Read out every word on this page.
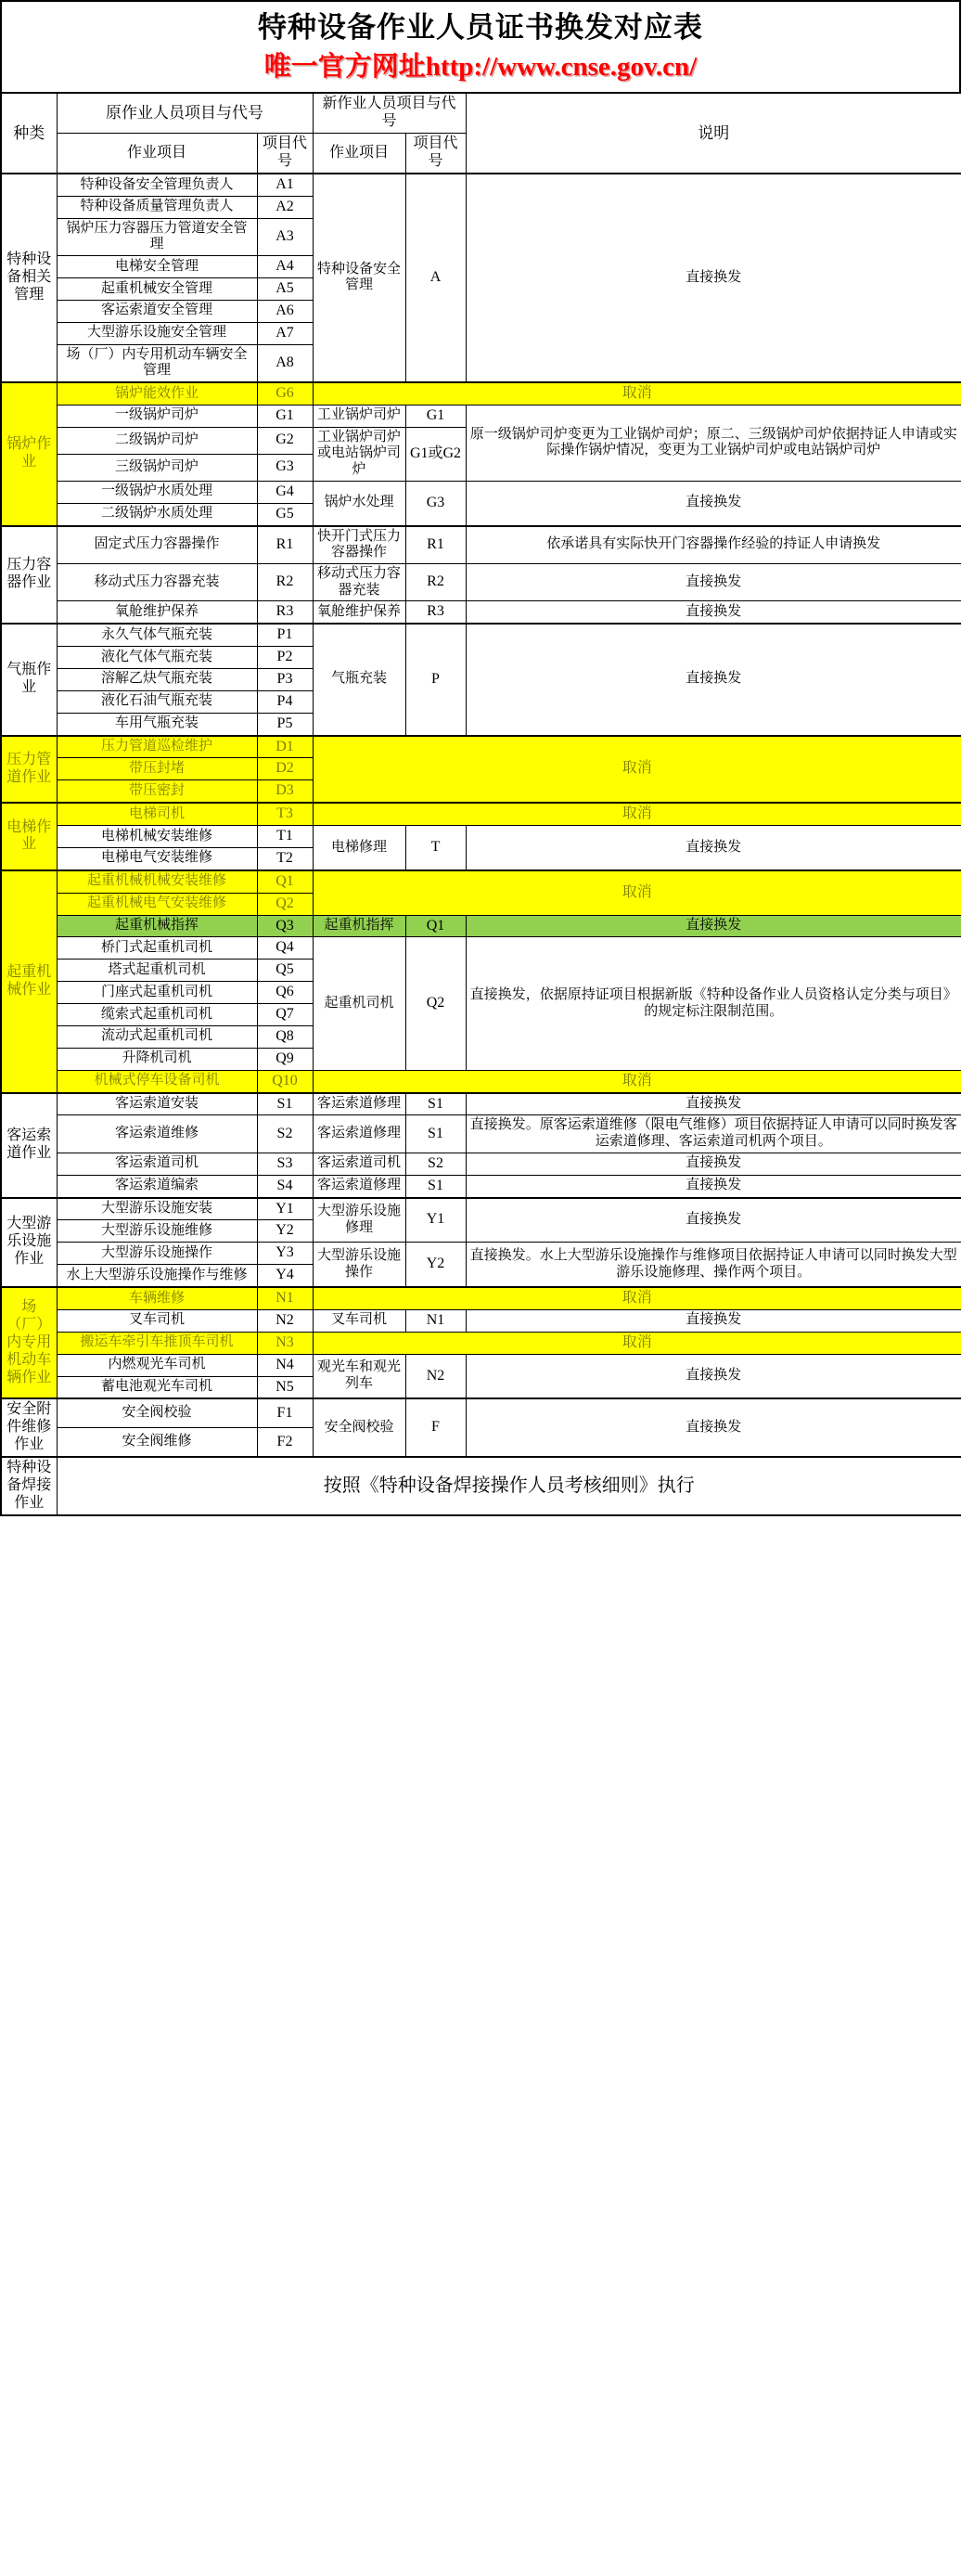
特种设备作业人员证书换发对应表
唯一官方网址http://www.cnse.gov.cn/
种类	原作业人员项目与代号		新作业人员项目与代号		说明
	作业项目	项目代号	作业项目	项目代号	
特种设备相关管理	特种设备安全管理负责人	A1	特种设备安全管理	A	直接换发
	特种设备质量管理负责人	A2			
	锅炉压力容器压力管道安全管理	A3			
	电梯安全管理	A4			
	起重机械安全管理	A5			
	客运索道安全管理	A6			
	大型游乐设施安全管理	A7			
	场（厂）内专用机动车辆安全管理	A8			
锅炉作业	锅炉能效作业	G6	取消		
	一级锅炉司炉	G1	工业锅炉司炉	G1	原一级锅炉司炉变更为工业锅炉司炉；原二、三级锅炉司炉依据持证人申请或实际操作锅炉情况，变更为工业锅炉司炉或电站锅炉司炉
	二级锅炉司炉	G2	工业锅炉司炉或电站锅炉司炉	G1或G2	
	三级锅炉司炉	G3			
	一级锅炉水质处理	G4	锅炉水处理	G3	直接换发
	二级锅炉水质处理	G5			
压力容器作业	固定式压力容器操作	R1	快开门式压力容器操作	R1	依承诺具有实际快开门容器操作经验的持证人申请换发
	移动式压力容器充装	R2	移动式压力容器充装	R2	直接换发
	氧舱维护保养	R3	氧舱维护保养	R3	直接换发
气瓶作业	永久气体气瓶充装	P1	气瓶充装	P	直接换发
	液化气体气瓶充装	P2			
	溶解乙炔气瓶充装	P3			
	液化石油气瓶充装	P4			
	车用气瓶充装	P5			
压力管道作业	压力管道巡检维护	D1	取消		
	带压封堵	D2			
	带压密封	D3			
电梯作业	电梯司机	T3	取消		
	电梯机械安装维修	T1	电梯修理	T	直接换发
	电梯电气安装维修	T2			
起重机械作业	起重机械机械安装维修	Q1	取消		
	起重机械电气安装维修	Q2			
	起重机械指挥	Q3	起重机指挥	Q1	直接换发
	桥门式起重机司机	Q4	起重机司机	Q2	直接换发，依据原持证项目根据新版《特种设备作业人员资格认定分类与项目》的规定标注限制范围。
	塔式起重机司机	Q5			
	门座式起重机司机	Q6			
	缆索式起重机司机	Q7			
	流动式起重机司机	Q8			
	升降机司机	Q9			
	机械式停车设备司机	Q10	取消		
客运索道作业	客运索道安装	S1	客运索道修理	S1	直接换发
	客运索道维修	S2	客运索道修理	S1	直接换发。原客运索道维修（限电气维修）项目依据持证人申请可以同时换发客运索道修理、客运索道司机两个项目。
	客运索道司机	S3	客运索道司机	S2	直接换发
	客运索道编索	S4	客运索道修理	S1	直接换发
大型游乐设施作业	大型游乐设施安装	Y1	大型游乐设施修理	Y1	直接换发
	大型游乐设施维修	Y2			
	大型游乐设施操作	Y3	大型游乐设施操作	Y2	直接换发。水上大型游乐设施操作与维修项目依据持证人申请可以同时换发大型游乐设施修理、操作两个项目。
	水上大型游乐设施操作与维修	Y4			
场（厂）内专用机动车辆作业	车辆维修	N1	取消		
	叉车司机	N2	叉车司机	N1	直接换发
	搬运车牵引车推顶车司机	N3	取消		
	内燃观光车司机	N4	观光车和观光列车	N2	直接换发
	蓄电池观光车司机	N5			
安全附件维修作业	安全阀校验	F1	安全阀校验	F	直接换发
	安全阀维修	F2			
特种设备焊接作业	按照《特种设备焊接操作人员考核细则》执行				
